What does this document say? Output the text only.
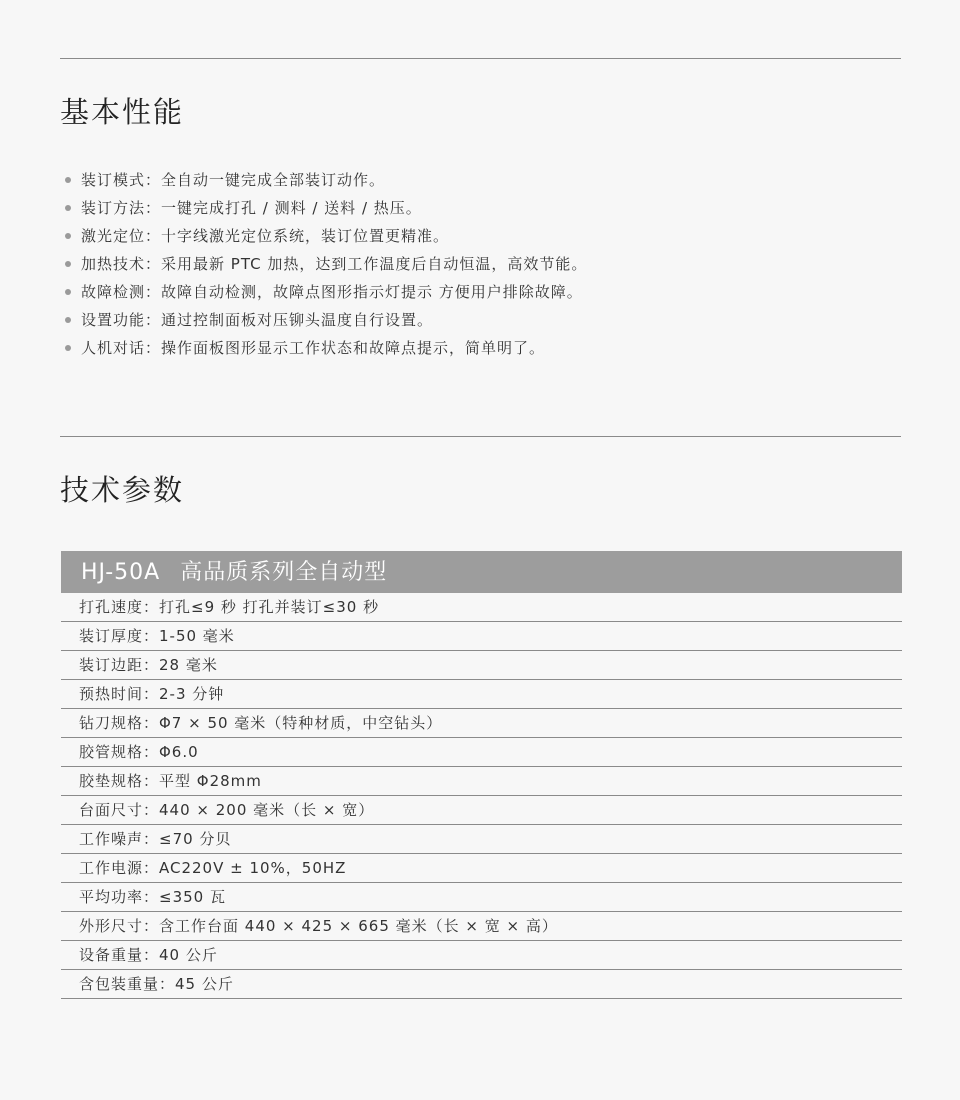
基本性能
装订模式：全自动一键完成全部装订动作。
装订方法：一键完成打孔 / 测料 / 送料 / 热压。
激光定位：十字线激光定位系统，装订位置更精准。
加热技术：采用最新 PTC 加热，达到工作温度后自动恒温，高效节能。
故障检测：故障自动检测，故障点图形指示灯提示 方便用户排除故障。
设置功能：通过控制面板对压铆头温度自行设置。
人机对话：操作面板图形显示工作状态和故障点提示，简单明了。
技术参数
HJ-50A 高品质系列全自动型
打孔速度：打孔≤9 秒 打孔并装订≤30 秒
装订厚度：1-50 毫米
装订边距：28 毫米
预热时间：2-3 分钟
钻刀规格：Φ7 × 50 毫米（特种材质，中空钻头）
胶管规格：Φ6.0
胶垫规格：平型 Φ28mm
台面尺寸：440 × 200 毫米（长 × 宽）
工作噪声：≤70 分贝
工作电源：AC220V ± 10%，50HZ
平均功率：≤350 瓦
外形尺寸：含工作台面 440 × 425 × 665 毫米（长 × 宽 × 高）
设备重量：40 公斤
含包装重量：45 公斤
